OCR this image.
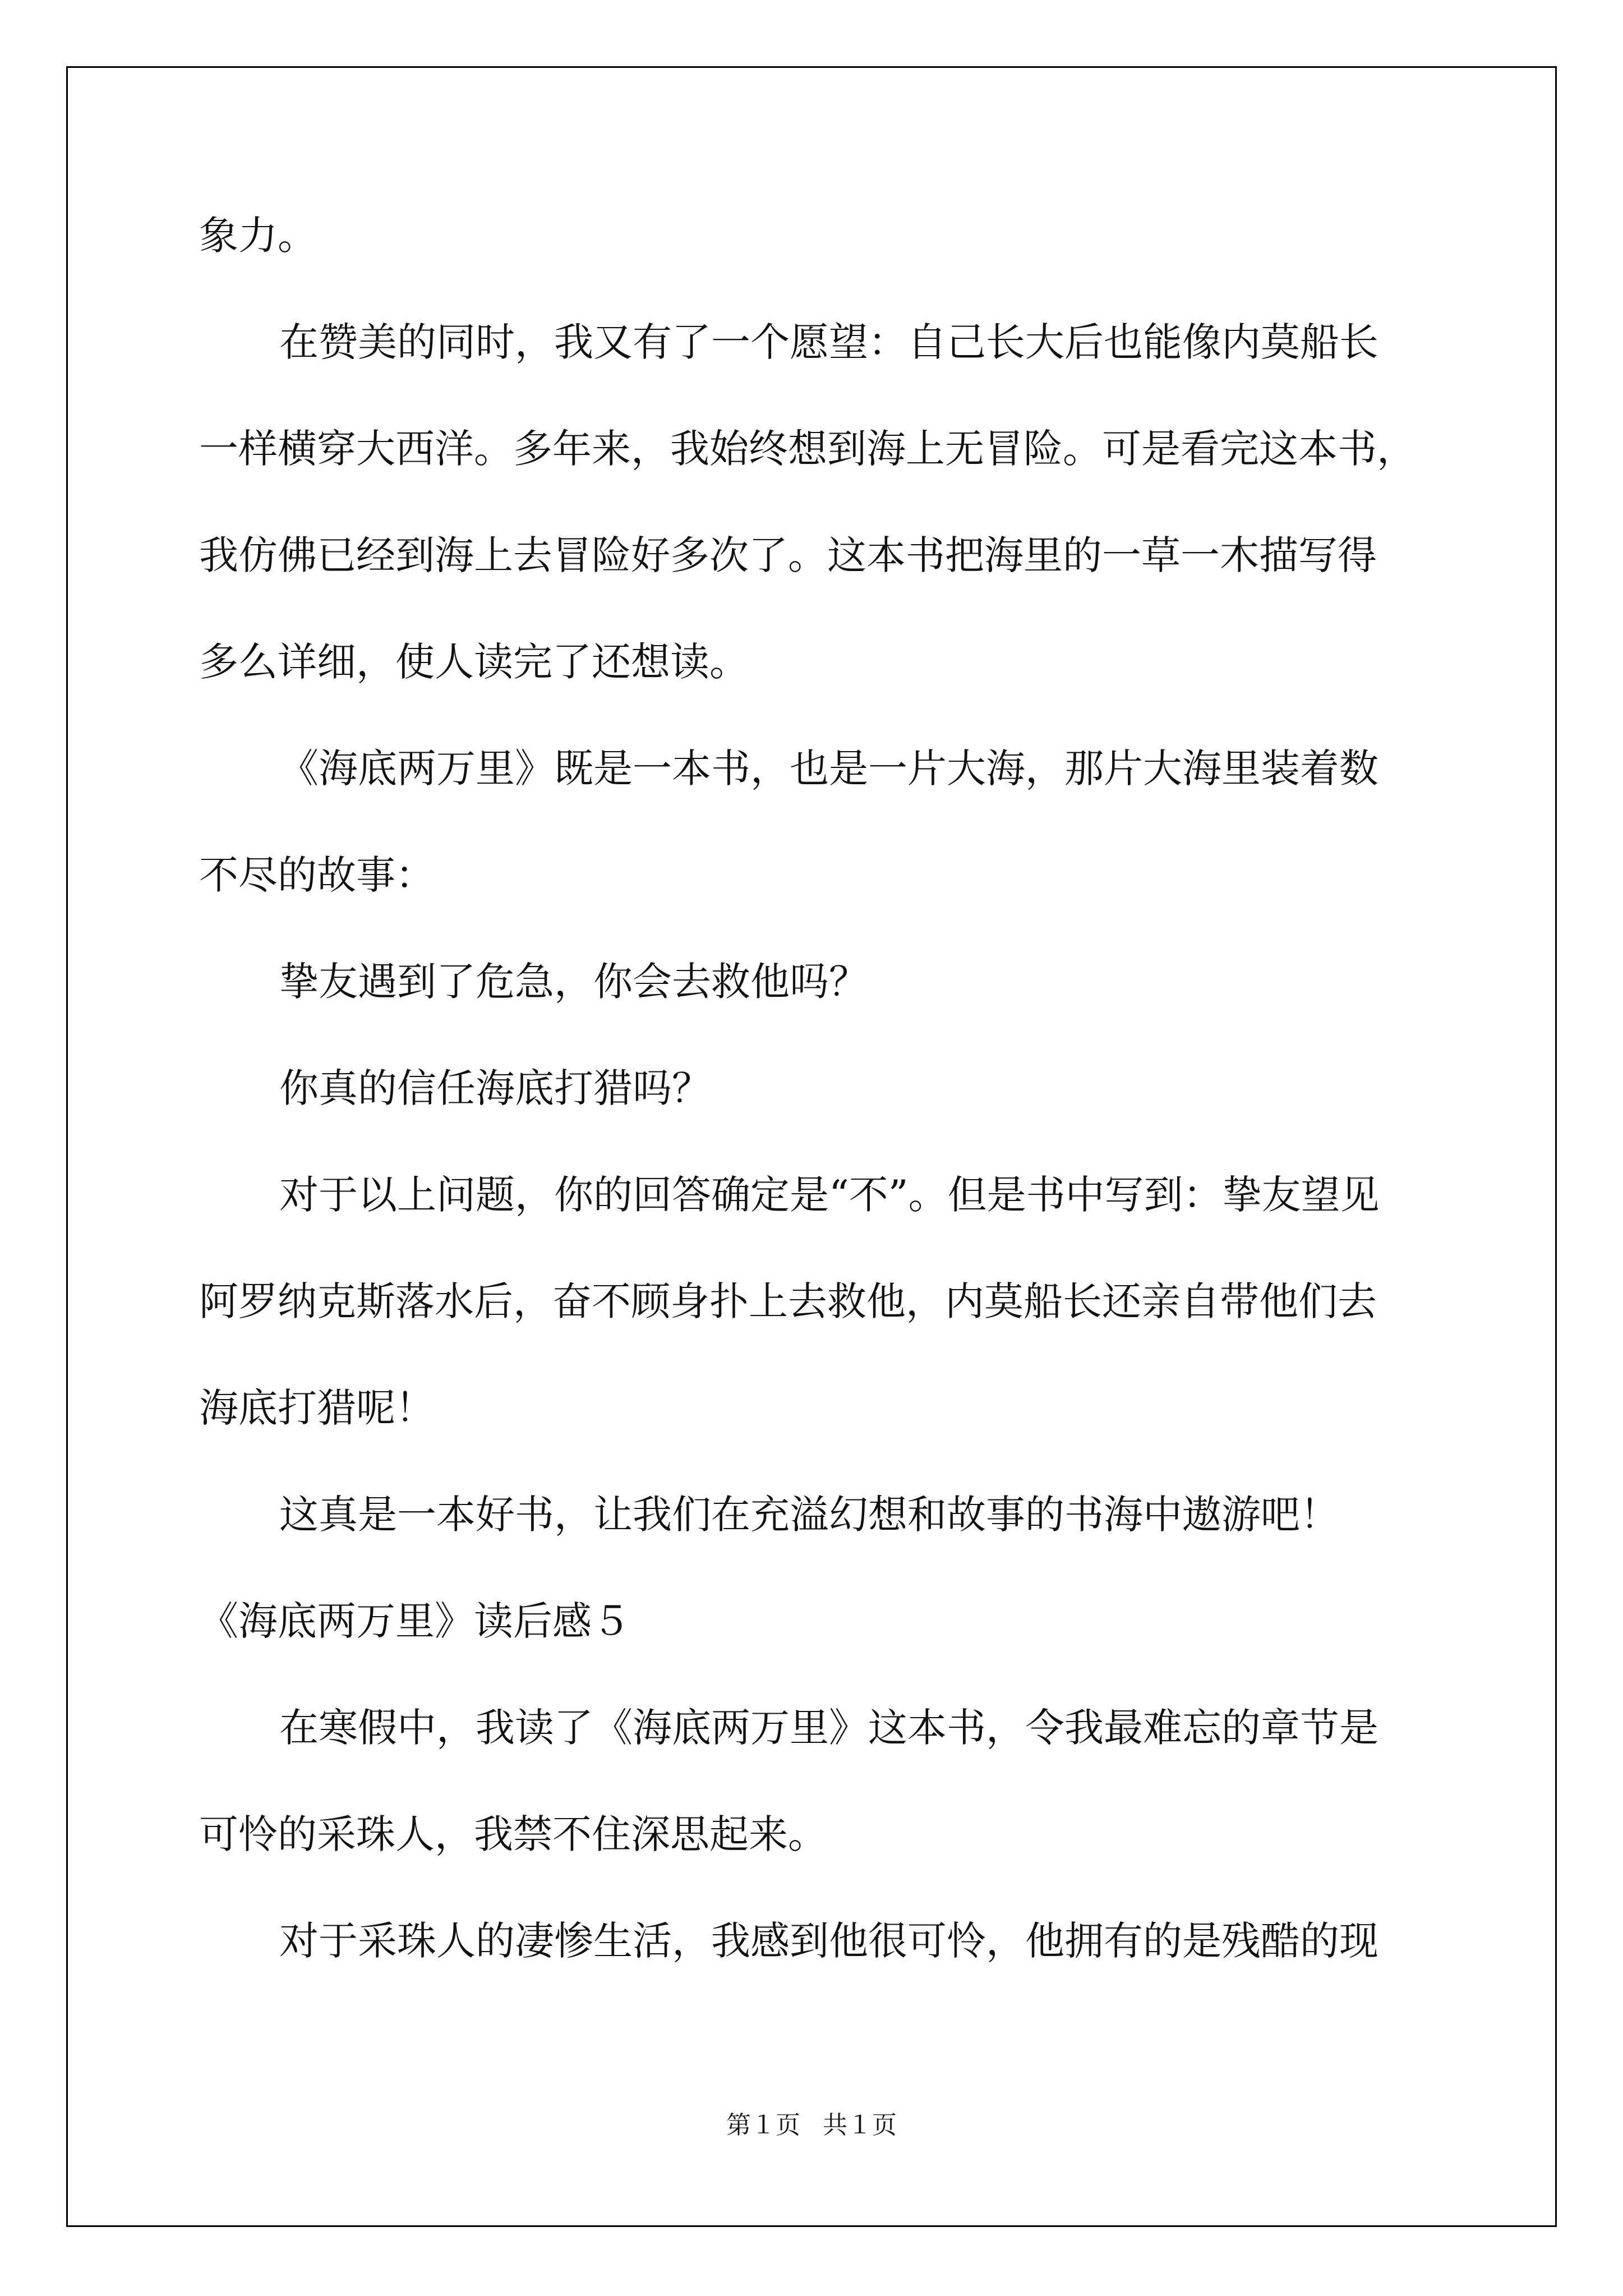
象力。
在赞美的同时，我又有了一个愿望：自己长大后也能像内莫船长
一样横穿大西洋。多年来，我始终想到海上无冒险。可是看完这本书，
我仿佛已经到海上去冒险好多次了。这本书把海里的一草一木描写得
多么详细，使人读完了还想读。
《海底两万里》既是一本书，也是一片大海，那片大海里装着数
不尽的故事：
挚友遇到了危急，你会去救他吗？
你真的信任海底打猎吗？
对于以上问题，你的回答确定是“不”。但是书中写到：挚友望见
阿罗纳克斯落水后，奋不顾身扑上去救他，内莫船长还亲自带他们去
海底打猎呢！
这真是一本好书，让我们在充溢幻想和故事的书海中遨游吧！
《海底两万里》读后感５
在寒假中，我读了《海底两万里》这本书，令我最难忘的章节是
可怜的采珠人，我禁不住深思起来。
对于采珠人的凄惨生活，我感到他很可怜，他拥有的是残酷的现
第１页 共１页
